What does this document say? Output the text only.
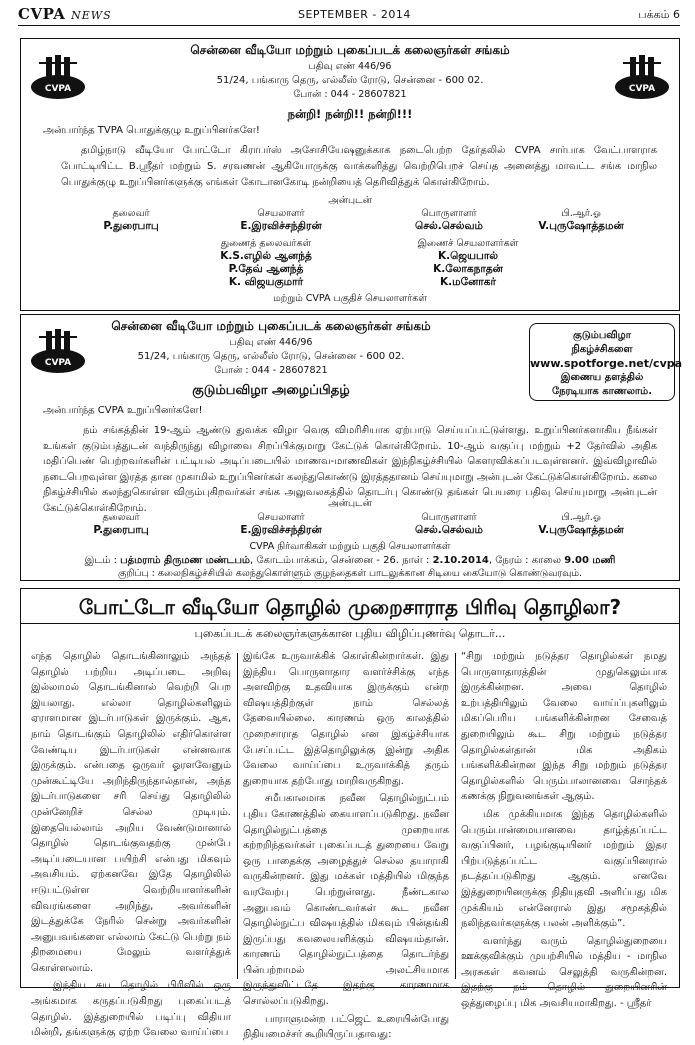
CVPA NEWS	SEPTEMBER - 2014	பக்கம் 6
CVPA	CVPA
சென்னை வீடியோ மற்றும் புகைப்படக் கலைஞர்கள் சங்கம்
பதிவு எண் 446/96
51/24, பங்காரு தெரு, எல்லீஸ் ரோடு, சென்னை - 600 02.
போன் : 044 - 28607821
நன்றி! நன்றி!! நன்றி!!!
அன்பார்ந்த TVPA பொதுக்குழு உறுப்பினர்களே!
தமிழ்நாடு வீடியோ போட்டோ கிராபர்ஸ் அசோசியேஷனுக்காக நடைபெற்ற தேர்தலில் CVPA சார்பாக வேட்பாளராக போட்டியிட்ட B.ஸ்ரீதர் மற்றும் S. சரவணன் ஆகியோருக்கு வாக்களித்து வெற்றிபெறச் செய்த அனைத்து மாவட்ட சங்க மாநில பொதுக்குழு உறுப்பினர்களுக்கு எங்கள் கோடானகோடி நன்றியைத் தெரிவித்துக் கொள்கிறோம்.
அன்புடன்
தலைவர்
P.துரைபாபு
செயலாளர்
E.இரவிச்சந்திரன்
பொருளாளர்
செல்.செல்வம்
பி.ஆர்.ஓ
V.புருஷோத்தமன்
துணைத் தலைவர்கள்
K.S.எழில் ஆனந்த்
P.தேவ் ஆனந்த்
K. விஜயகுமார்
இணைச் செயலாளர்கள்
K.ஜெயபால்
K.லோகநாதன்
K.மனோகர்
மற்றும் CVPA பகுதிச் செயலாளர்கள்
CVPA
சென்னை வீடியோ மற்றும் புகைப்படக் கலைஞர்கள் சங்கம்
பதிவு எண் 446/96
51/24, பங்காரு தெரு, எல்லீஸ் ரோடு, சென்னை - 600 02.
போன் : 044 - 28607821
குடும்பவிழா அழைப்பிதழ்
குடும்பவிழா
நிகழ்ச்சிகளை
www.spotforge.net/cvpa
இணைய தளத்தில்
நேரடியாக காணலாம்.
அன்பார்ந்த CVPA உறுப்பினர்களே!
நம் சங்கத்தின் 19-ஆம் ஆண்டு துவக்க விழா வெகு விமரிசியாக ஏற்பாடு செய்யப்பட்டுள்ளது. உறுப்பினர்களாகிய நீங்கள் உங்கள் குடும்பத்துடன் வந்திருந்து விழாவை சிறப்பிக்குமாறு கேட்டுக் கொள்கிறோம். 10-ஆம் வகுப்பு மற்றும் +2 தேர்வில் அதிக மதிப்பெண் பெற்றவர்களின் பட்டியல் அடிப்படையில் மாணவ-மாணவிகள் இந்நிகழ்ச்சியில் கௌரவிக்கப்படவுள்ளனர். இவ்விழாவில் நடைபெறவுள்ள இரத்த தான முகாமில் உறுப்பினர்கள் கலந்துகொண்டு இரத்ததானம் செய்யுமாறு அன்புடன் கேட்டுக்கொள்கிறோம். கலை நிகழ்ச்சியில் கலந்துகொள்ள விரும்புகிறவர்கள் சங்க அலுவலகத்தில் தொடர்பு கொண்டு தங்கள் பெயரை பதிவு செய்யுமாறு அன்புடன் கேட்டுக்கொள்கிறோம்.	அன்புடன்
தலைவர்
P.துரைபாபு
செயலாளர்
E.இரவிச்சந்திரன்
பொருளாளர்
செல்.செல்வம்
பி.ஆர்.ஓ
V.புருஷோத்தமன்
CVPA நிர்வாகிகள் மற்றும் பகுதி செயலாளர்கள்
இடம் : பத்மராம் திருமண மண்டபம், கோடம்பாக்கம், சென்னை - 26. நாள் : 2.10.2014, நேரம் : காலை 9.00 மணி
குறிப்பு : கலைநிகழ்ச்சியில் கலந்துகொள்ளும் குழந்தைகள் பாடலுக்கான சிடியை கையோடு கொண்டுவரவும்.
போட்டோ வீடியோ தொழில் முறைசாராத பிரிவு தொழிலா?
புகைப்படக் கலைஞர்களுக்கான புதிய விழிப்புணர்வு தொடர்...

எந்த தொழில் தொடங்கினாலும் அந்தத் தொழில் பற்றிய அடிப்படை அறிவு இல்லாமல் தொடங்கினால் வெற்றி பெற இயலாது. எல்லா தொழில்களிலும் ஏராளமான இடர்பாடுகள் இருக்கும். ஆக, நாம் தொடங்கும் தொழிலில் எதிர்கொள்ள வேண்டிய இடர்பாடுகள் என்னவாக இருக்கும். என்பதை ஒருவர் ஓரளவேனும் முன்கூட்டியே அறிந்திருந்தால்தான், அந்த இடர்பாடுகளை சரி செய்து தொழிலில் முன்னேறிச் செல்ல முடியும். இதையெல்லாம் அறிய வேண்டுமானால் தொழில் தொடங்குவதற்கு முன்பே அடிப்படையான பயிற்சி என்பது மிகவும் அவசியம். ஏற்கனவே இதே தொழிலில் ஈடுபட்டுள்ள வெற்றியாளர்களின் விவரங்களை அறிந்து, அவர்களின் இடத்துக்கே நேரில் சென்று அவர்களின் அனுபவங்களை எல்லாம் கேட்டு பெற்று நம் திறமையை மேலும் வளர்த்துக் கொள்ளலாம்.

இந்திய சுய தொழில் பிரிவில் ஒரு அங்கமாக கருதப்படுகிறது புகைப்படத் தொழில். இத்துறையில் படிப்பு விதியா மின்றி, தங்களுக்கு ஏற்ற வேலை வாய்ப்பை

இங்கே உருவாக்கிக் கொள்கின்றார்கள். இது இந்திய பொருளாதார வளர்ச்சிக்கு எந்த அளவிற்கு உதவியாக இருக்கும் என்ற விஷயத்திற்குள் நாம் செல்லத் தேவையில்லை. காரணம் ஒரு காலத்தில் முறைசாராத தொழில் என இகழ்ச்சியாக பேசப்பட்ட இத்தொழிலுக்கு இன்று அதிக வேலை வாய்ப்பை உருவாக்கித் தரும் துறையாக தற்போது மாறிவருகிறது.

சமீபகாலமாக நவீன தொழில்நுட்பம் புதிய கோணத்தில் கையாளப்படுகிறது. நவீன தொழில்நுட்பத்தை முறையாக கற்றறிந்தவர்கள் புகைப்படத் துறையை வேறு ஒரு பாதைக்கு அழைத்துச் செல்ல தயாராகி வருகின்றனர். இது மக்கள் மத்தியில் மிகுந்த வரவேற்பு பெற்றுள்ளது. நீண்டகால அனுபவம் கொண்டவர்கள் கூட நவீன தொழில்நுட்ப விஷயத்தில் மிகவும் பின்தங்கி இருப்பது கவலையளிக்கும் விஷயம்தான். காரணம் தொழில்நுட்பத்தை தொடர்ந்து பின்பற்றாமல் அலட்சியமாக இருந்துவிட்டதே இதற்கு காரணமாக சொல்லப்படுகிறது.

பாராளுமன்ற பட்ஜெட் உரையின்போது நிதியமைச்சர் கூறியிருப்பதாவது:

“சிறு மற்றும் நடுத்தர தொழில்கள் நமது பொருளாதாரத்தின் முதுகெலும்பாக இருக்கின்றன. அவை தொழில் உற்பத்தியிலும் வேலை வாய்ப்புகளிலும் மிகப்பெரிய பங்களிக்கின்றன சேவைத் துறையிலும் கூட சிறு மற்றும் நடுத்தர தொழில்கள்தான் மிக அதிகம் பங்களிக்கின்றன இந்த சிறு மற்றும் நடுத்தர தொழில்களில் பெரும்பாலானவை சொந்தக் கணக்கு நிறுவனங்கள் ஆகும்.

மிக முக்கியமாக இந்த தொழில்களில் பெரும்பான்மையானவை தாழ்த்தப்பட்ட வகுப்பினர், பழங்குடியினர் மற்றும் இதர பிற்படுத்தப்பட்ட வகுப்பினரால் நடத்தப்படுகிறது ஆகும். எனவே இத்துறையினருக்கு நிதியுதவி அளிப்பது மிக முக்கியம் என்னேரால் இது சமூகத்தில் நலிந்தவர்களுக்கு பலன் அளிக்கும்”.

வளர்ந்து வரும் தொழில்துறையை ஊக்குவிக்கும் முயற்சியில் மத்திய - மாநில அரசுகள் கவனம் செலுத்தி வருகின்றன. இதற்கு நம் தொழில் துறையினரின் ஒத்துழைப்பு மிக அவசியமாகிறது. - ஸ்ரீதர்
